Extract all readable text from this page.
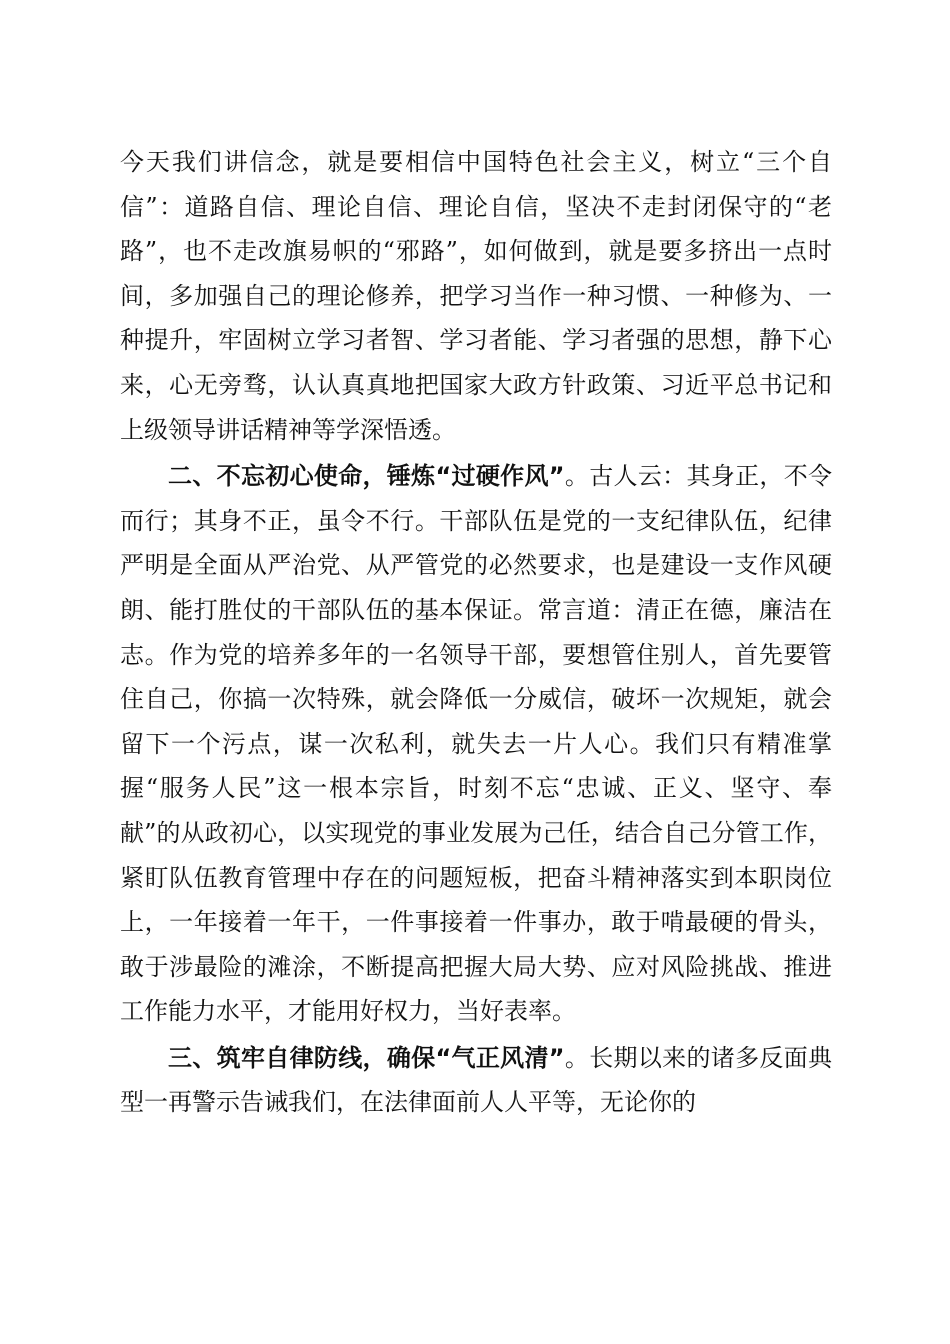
今天我们讲信念，就是要相信中国特色社会主义，树立“三个自信”：道路自信、理论自信、理论自信，坚决不走封闭保守的“老路”，也不走改旗易帜的“邪路”，如何做到，就是要多挤出一点时间，多加强自己的理论修养，把学习当作一种习惯、一种修为、一种提升，牢固树立学习者智、学习者能、学习者强的思想，静下心来，心无旁骛，认认真真地把国家大政方针政策、习近平总书记和上级领导讲话精神等学深悟透。

二、不忘初心使命，锤炼“过硬作风”。古人云：其身正，不令而行；其身不正，虽令不行。干部队伍是党的一支纪律队伍，纪律严明是全面从严治党、从严管党的必然要求，也是建设一支作风硬朗、能打胜仗的干部队伍的基本保证。常言道：清正在德，廉洁在志。作为党的培养多年的一名领导干部，要想管住别人，首先要管住自己，你搞一次特殊，就会降低一分威信，破坏一次规矩，就会留下一个污点，谋一次私利，就失去一片人心。我们只有精准掌握“服务人民”这一根本宗旨，时刻不忘“忠诚、正义、坚守、奉献”的从政初心，以实现党的事业发展为己任，结合自己分管工作，紧盯队伍教育管理中存在的问题短板，把奋斗精神落实到本职岗位上，一年接着一年干，一件事接着一件事办，敢于啃最硬的骨头，敢于涉最险的滩涂，不断提高把握大局大势、应对风险挑战、推进工作能力水平，才能用好权力，当好表率。

三、筑牢自律防线，确保“气正风清”。长期以来的诸多反面典型一再警示告诫我们，在法律面前人人平等，无论你的
